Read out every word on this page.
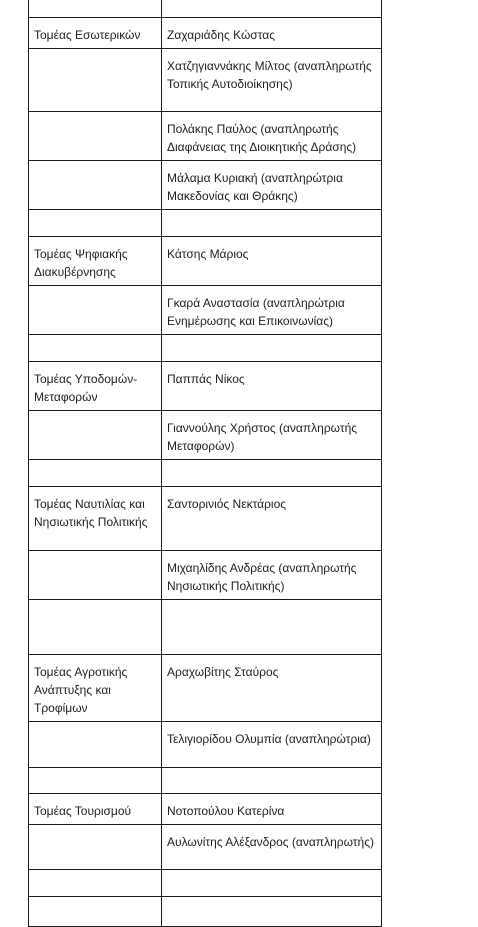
Τομέας Εσωτερικών	Ζαχαριάδης Κώστας
	Χατζηγιαννάκης Μίλτος (αναπληρωτής Τοπικής Αυτοδιοίκησης)
	Πολάκης Παύλος (αναπληρωτής Διαφάνειας της Διοικητικής Δράσης)
	Μάλαμα Κυριακή (αναπληρώτρια Μακεδονίας και Θράκης)

Τομέας Ψηφιακής Διακυβέρνησης	Κάτσης Μάριος
	Γκαρά Αναστασία (αναπληρώτρια Ενημέρωσης και Επικοινωνίας)

Τομέας Υποδομών-Μεταφορών	Παππάς Νίκος
	Γιαννούλης Χρήστος (αναπληρωτής Μεταφορών)

Τομέας Ναυτιλίας και Νησιωτικής Πολιτικής	Σαντορινιός Νεκτάριος
	Μιχαηλίδης Ανδρέας (αναπληρωτής Νησιωτικής Πολιτικής)

Τομέας Αγροτικής Ανάπτυξης και Τροφίμων	Αραχωβίτης Σταύρος
	Τελιγιορίδου Ολυμπία (αναπληρώτρια)

Τομέας Τουρισμού	Νοτοπούλου Κατερίνα
	Αυλωνίτης Αλέξανδρος (αναπληρωτής)
